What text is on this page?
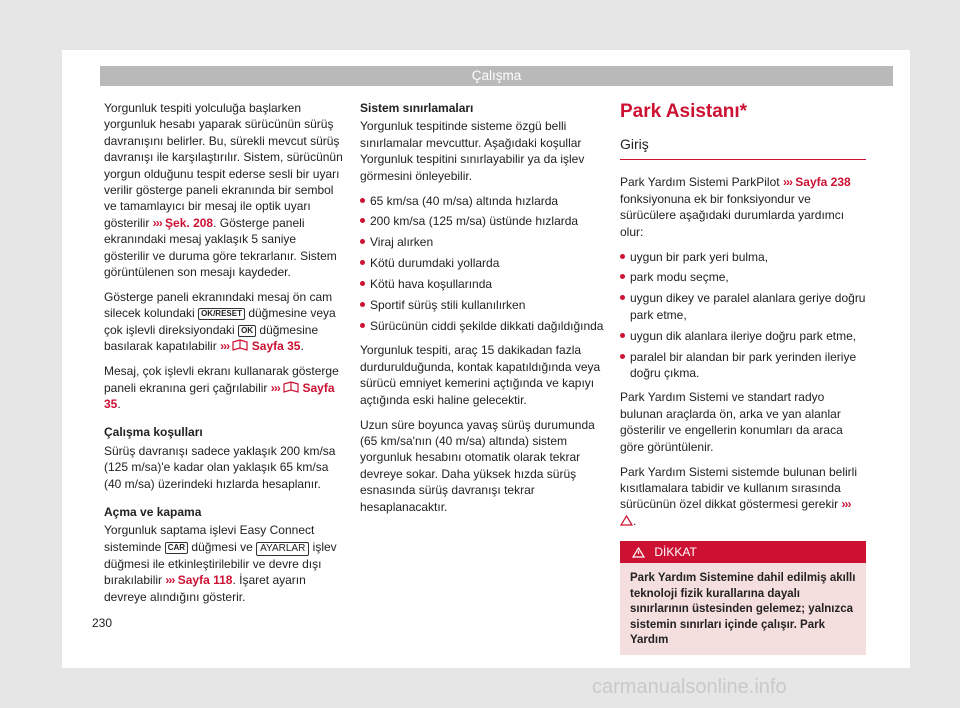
Çalışma

Yorgunluk tespiti yolculuğa başlarken yorgunluk hesabı yaparak sürücünün sürüş davranışını belirler. Bu, sürekli mevcut sürüş davranışı ile karşılaştırılır. Sistem, sürücünün yorgun olduğunu tespit ederse sesli bir uyarı verilir gösterge paneli ekranında bir sembol ve tamamlayıcı bir mesaj ile optik uyarı gösterilir ››› Şek. 208. Gösterge paneli ekranındaki mesaj yaklaşık 5 saniye gösterilir ve duruma göre tekrarlanır. Sistem görüntülenen son mesajı kaydeder.

Gösterge paneli ekranındaki mesaj ön cam silecek kolundaki OK/RESET düğmesine veya çok işlevli direksiyondaki OK düğmesine basılarak kapatılabilir ››› Sayfa 35.

Mesaj, çok işlevli ekranı kullanarak gösterge paneli ekranına geri çağrılabilir ››› Sayfa 35.

Çalışma koşulları

Sürüş davranışı sadece yaklaşık 200 km/sa (125 m/sa)'e kadar olan yaklaşık 65 km/sa (40 m/sa) üzerindeki hızlarda hesaplanır.

Açma ve kapama

Yorgunluk saptama işlevi Easy Connect sisteminde CAR düğmesi ve AYARLAR işlev düğmesi ile etkinleştirilebilir ve devre dışı bırakılabilir ››› Sayfa 118. İşaret ayarın devreye alındığını gösterir.

Sistem sınırlamaları

Yorgunluk tespitinde sisteme özgü belli sınırlamalar mevcuttur. Aşağıdaki koşullar Yorgunluk tespitini sınırlayabilir ya da işlev görmesini önleyebilir.

65 km/sa (40 m/sa) altında hızlarda
200 km/sa (125 m/sa) üstünde hızlarda
Viraj alırken
Kötü durumdaki yollarda
Kötü hava koşullarında
Sportif sürüş stili kullanılırken
Sürücünün ciddi şekilde dikkati dağıldığında

Yorgunluk tespiti, araç 15 dakikadan fazla durdurulduğunda, kontak kapatıldığında veya sürücü emniyet kemerini açtığında ve kapıyı açtığında eski haline gelecektir.

Uzun süre boyunca yavaş sürüş durumunda (65 km/sa'nın (40 m/sa) altında) sistem yorgunluk hesabını otomatik olarak tekrar devreye sokar. Daha yüksek hızda sürüş esnasında sürüş davranışı tekrar hesaplanacaktır.

Park Asistanı*
Giriş

Park Yardım Sistemi ParkPilot ››› Sayfa 238 fonksiyonuna ek bir fonksiyondur ve sürücülere aşağıdaki durumlarda yardımcı olur:

uygun bir park yeri bulma,
park modu seçme,
uygun dikey ve paralel alanlara geriye doğru park etme,
uygun dik alanlara ileriye doğru park etme,
paralel bir alandan bir park yerinden ileriye doğru çıkma.

Park Yardım Sistemi ve standart radyo bulunan araçlarda ön, arka ve yan alanlar gösterilir ve engellerin konumları da araca göre görüntülenir.

Park Yardım Sistemi sistemde bulunan belirli kısıtlamalara tabidir ve kullanım sırasında sürücünün özel dikkat göstermesi gerekir ››› .

DİKKAT
Park Yardım Sistemine dahil edilmiş akıllı teknoloji fizik kurallarına dayalı sınırlarının üstesinden gelemez; yalnızca sistemin sınırları içinde çalışır. Park Yardım
230
carmanualsonline.info
